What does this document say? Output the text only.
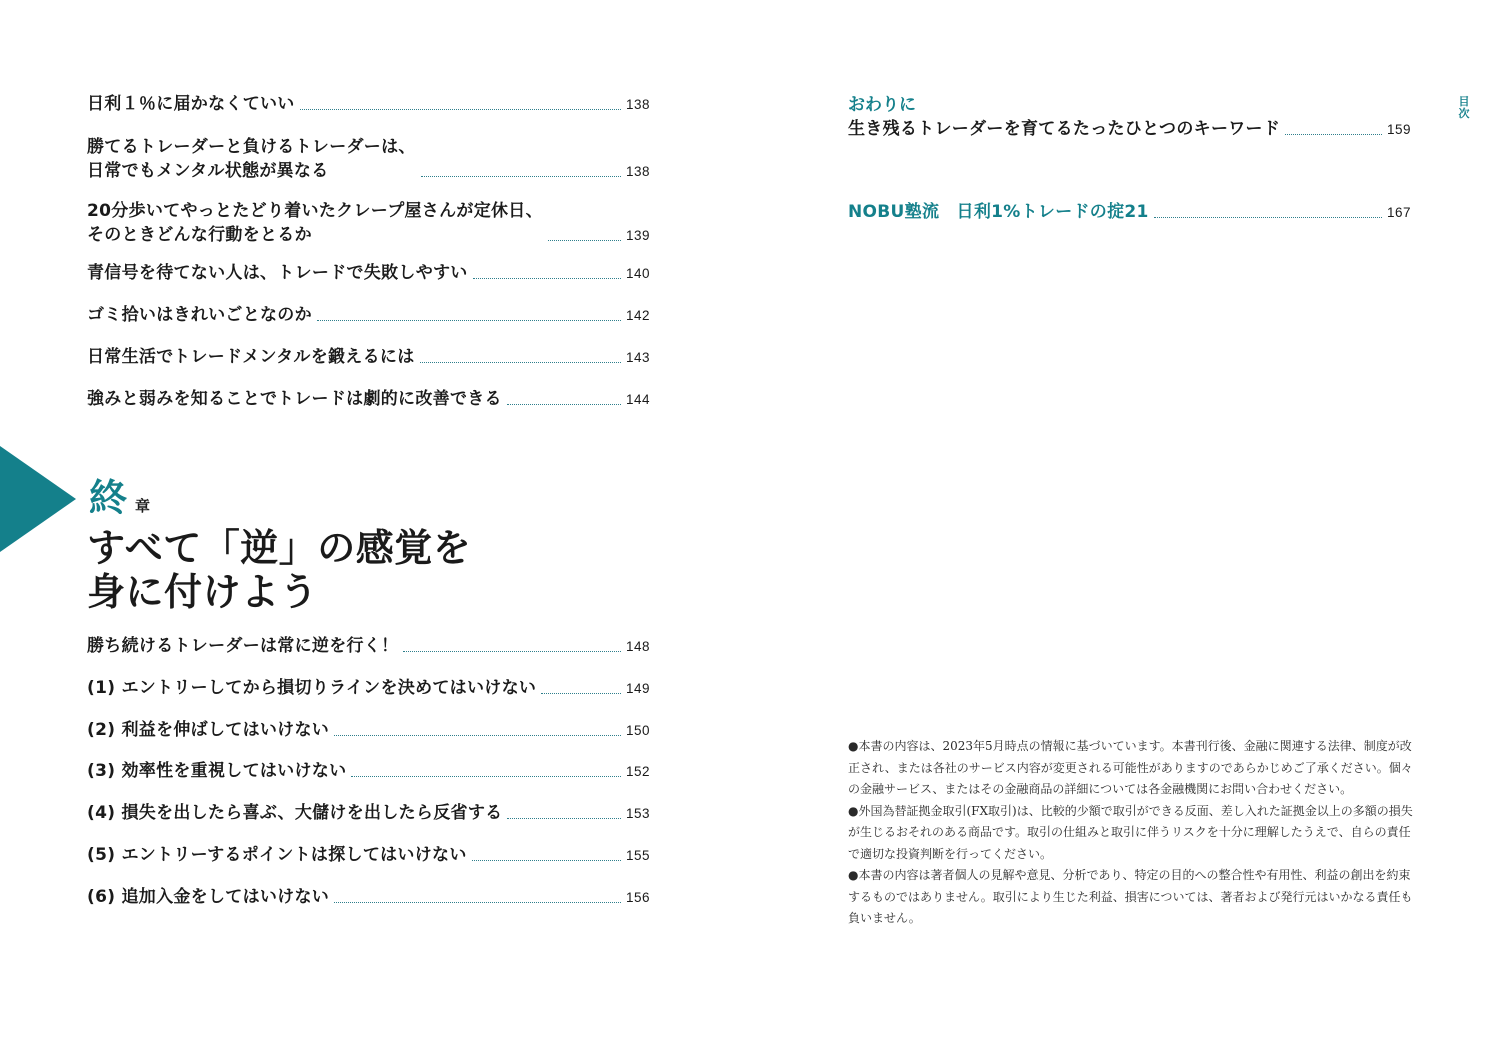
日利１％に届かなくていい	138
勝てるトレーダーと負けるトレーダーは、
日常でもメンタル状態が異なる	138
20分歩いてやっとたどり着いたクレープ屋さんが定休日、
そのときどんな行動をとるか	139
青信号を待てない人は、トレードで失敗しやすい	140
ゴミ拾いはきれいごとなのか	142
日常生活でトレードメンタルを鍛えるには	143
強みと弱みを知ることでトレードは劇的に改善できる	144
終 章
すべて「逆」の感覚を
身に付けよう
勝ち続けるトレーダーは常に逆を行く！	148
(1) エントリーしてから損切りラインを決めてはいけない	149
(2) 利益を伸ばしてはいけない	150
(3) 効率性を重視してはいけない	152
(4) 損失を出したら喜ぶ、大儲けを出したら反省する	153
(5) エントリーするポイントは探してはいけない	155
(6) 追加入金をしてはいけない	156
おわりに
生き残るトレーダーを育てるたったひとつのキーワード	159
NOBU塾流　日利1%トレードの掟21	167
目
次

●本書の内容は、2023年5月時点の情報に基づいています。本書刊行後、金融に関連する法律、制度が改正され、または各社のサービス内容が変更される可能性がありますのであらかじめご了承ください。個々の金融サービス、またはその金融商品の詳細については各金融機関にお問い合わせください。

●外国為替証拠金取引(FX取引)は、比較的少額で取引ができる反面、差し入れた証拠金以上の多額の損失が生じるおそれのある商品です。取引の仕組みと取引に伴うリスクを十分に理解したうえで、自らの責任で適切な投資判断を行ってください。

●本書の内容は著者個人の見解や意見、分析であり、特定の目的への整合性や有用性、利益の創出を約束するものではありません。取引により生じた利益、損害については、著者および発行元はいかなる責任も負いません。
